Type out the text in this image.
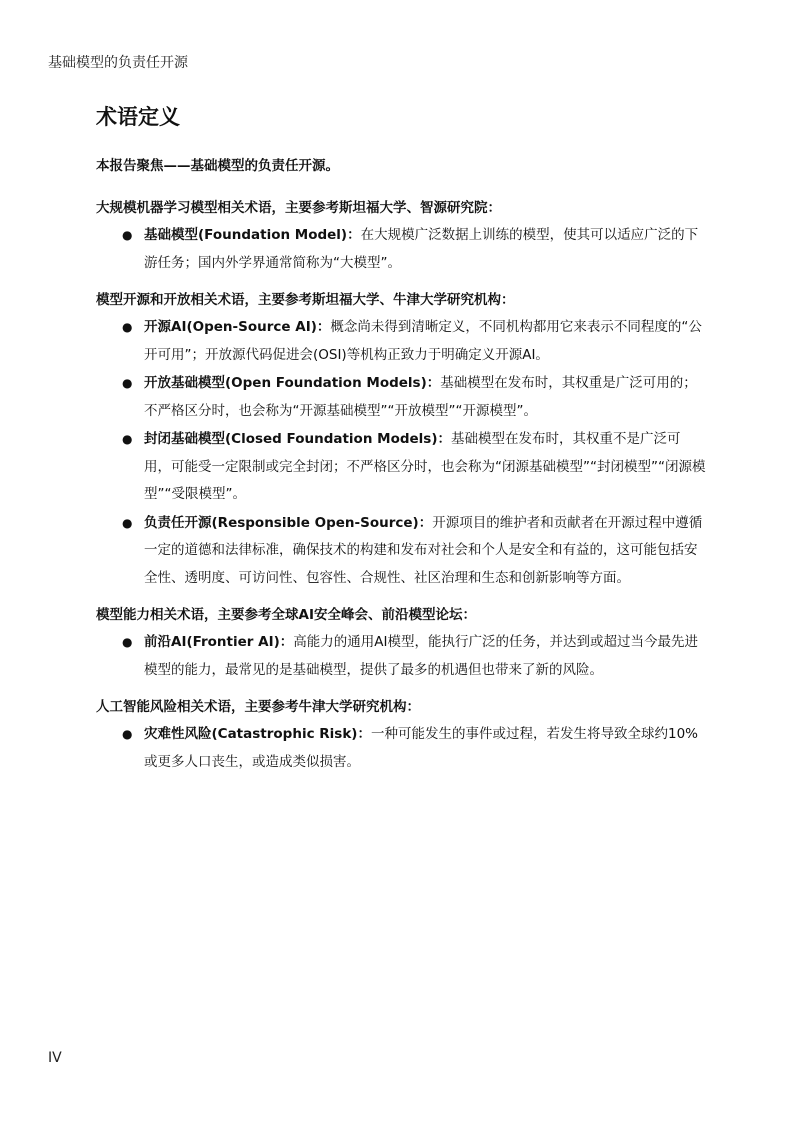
基础模型的负责任开源
术语定义

本报告聚焦——基础模型的负责任开源。

大规模机器学习模型相关术语，主要参考斯坦福大学、智源研究院：

● 基础模型(Foundation Model)：在大规模广泛数据上训练的模型，使其可以适应广泛的下游任务；国内外学界通常简称为“大模型”。

模型开源和开放相关术语，主要参考斯坦福大学、牛津大学研究机构：

● 开源AI(Open-Source AI)：概念尚未得到清晰定义，不同机构都用它来表示不同程度的“公开可用”；开放源代码促进会(OSI)等机构正致力于明确定义开源AI。
● 开放基础模型(Open Foundation Models)：基础模型在发布时，其权重是广泛可用的；不严格区分时，也会称为“开源基础模型”“开放模型”“开源模型”。
● 封闭基础模型(Closed Foundation Models)：基础模型在发布时，其权重不是广泛可用，可能受一定限制或完全封闭；不严格区分时，也会称为“闭源基础模型”“封闭模型”“闭源模型”“受限模型”。
● 负责任开源(Responsible Open-Source)：开源项目的维护者和贡献者在开源过程中遵循一定的道德和法律标准，确保技术的构建和发布对社会和个人是安全和有益的，这可能包括安全性、透明度、可访问性、包容性、合规性、社区治理和生态和创新影响等方面。

模型能力相关术语，主要参考全球AI安全峰会、前沿模型论坛：

● 前沿AI(Frontier AI)：高能力的通用AI模型，能执行广泛的任务，并达到或超过当今最先进模型的能力，最常见的是基础模型，提供了最多的机遇但也带来了新的风险。

人工智能风险相关术语，主要参考牛津大学研究机构：

● 灾难性风险(Catastrophic Risk)：一种可能发生的事件或过程，若发生将导致全球约10%或更多人口丧生，或造成类似损害。
IV
